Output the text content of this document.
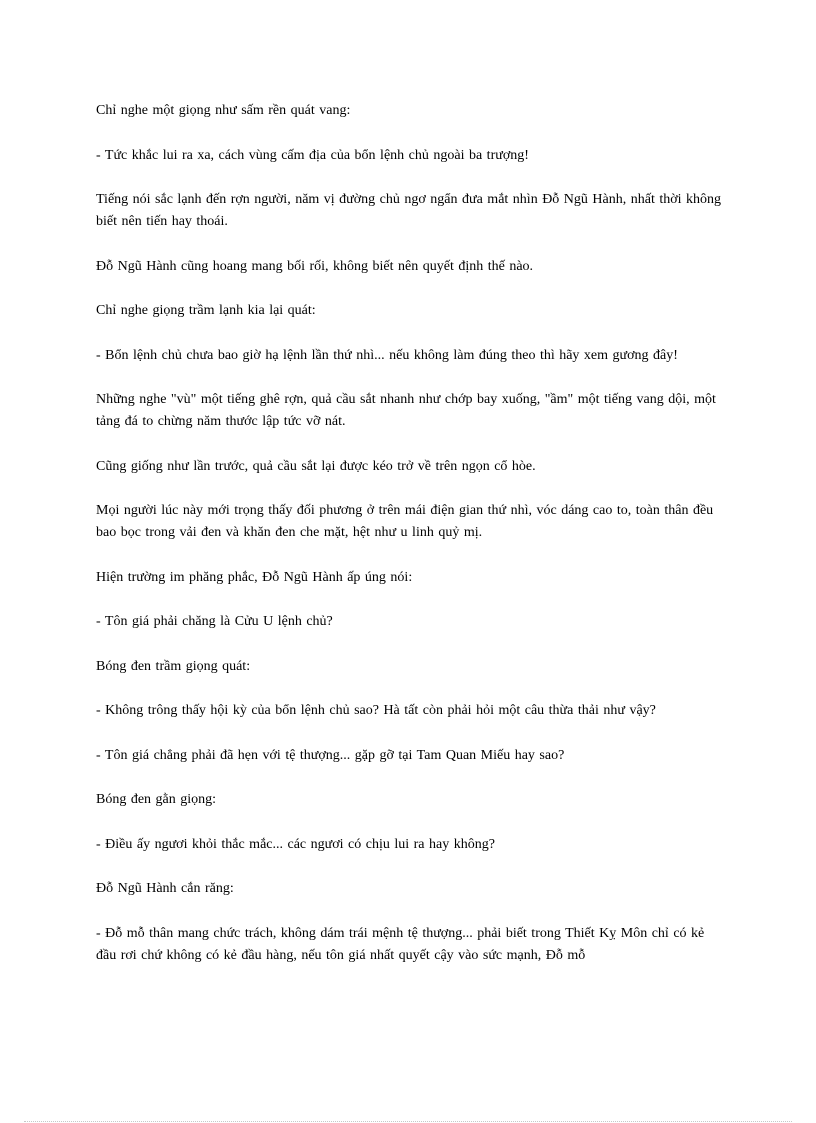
Chỉ nghe một giọng như sấm rền quát vang:

- Tức khắc lui ra xa, cách vùng cấm địa của bổn lệnh chủ ngoài ba trượng!

Tiếng nói sắc lạnh đến rợn người, năm vị đường chủ ngơ ngẩn đưa mắt nhìn Đỗ Ngũ Hành, nhất thời không biết nên tiến hay thoái.

Đỗ Ngũ Hành cũng hoang mang bối rối, không biết nên quyết định thế nào.

Chỉ nghe giọng trầm lạnh kia lại quát:

- Bổn lệnh chủ chưa bao giờ hạ lệnh lần thứ nhì... nếu không làm đúng theo thì hãy xem gương đây!

Những nghe "vù" một tiếng ghê rợn, quả cầu sắt nhanh như chớp bay xuống, "ầm" một tiếng vang dội, một tảng đá to chừng năm thước lập tức vỡ nát.

Cũng giống như lần trước, quả cầu sắt lại được kéo trở về trên ngọn cổ hòe.

Mọi người lúc này mới trọng thấy đối phương ở trên mái điện gian thứ nhì, vóc dáng cao to, toàn thân đều bao bọc trong vải đen và khăn đen che mặt, hệt như u linh quỷ mị.

Hiện trường im phăng phắc, Đỗ Ngũ Hành ấp úng nói:

- Tôn giá phải chăng là Cửu U lệnh chủ?

Bóng đen trầm giọng quát:

- Không trông thấy hội kỳ của bổn lệnh chủ sao? Hà tất còn phải hỏi một câu thừa thải như vậy?

- Tôn giá chẳng phải đã hẹn với tệ thượng... gặp gỡ tại Tam Quan Miếu hay sao?

Bóng đen gằn giọng:

- Điều ấy ngươi khỏi thắc mắc... các ngươi có chịu lui ra hay không?

Đỗ Ngũ Hành cắn răng:

- Đỗ mỗ thân mang chức trách, không dám trái mệnh tệ thượng... phải biết trong Thiết Kỵ Môn chỉ có kẻ đầu rơi chứ không có kẻ đầu hàng, nếu tôn giá nhất quyết cậy vào sức mạnh, Đỗ mỗ
